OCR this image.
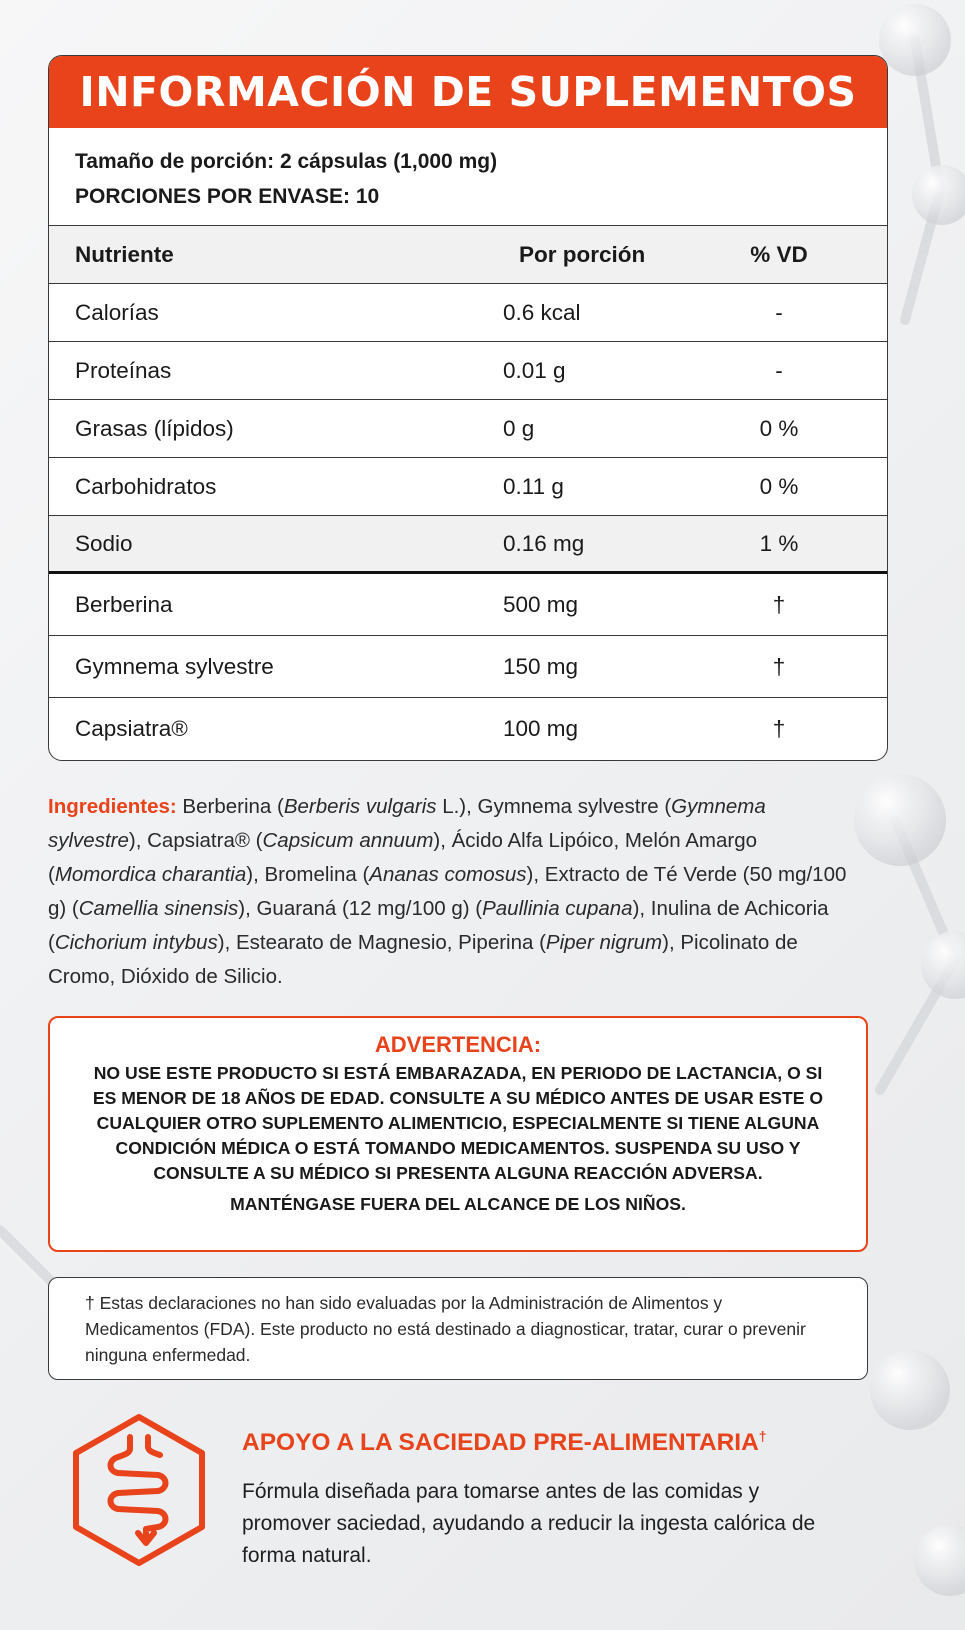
INFORMACIÓN DE SUPLEMENTOS
Tamaño de porción: 2 cápsulas (1,000 mg)
PORCIONES POR ENVASE: 10
Nutriente	Por porción	% VD
Calorías	0.6 kcal	-
Proteínas	0.01 g	-
Grasas (lípidos)	0 g	0 %
Carbohidratos	0.11 g	0 %
Sodio	0.16 mg	1 %
Berberina	500 mg	†
Gymnema sylvestre	150 mg	†
Capsiatra®	100 mg	†
Ingredientes: Berberina (Berberis vulgaris L.), Gymnema sylvestre (Gymnema sylvestre), Capsiatra® (Capsicum annuum), Ácido Alfa Lipóico, Melón Amargo (Momordica charantia), Bromelina (Ananas comosus), Extracto de Té Verde (50 mg/100 g) (Camellia sinensis), Guaraná (12 mg/100 g) (Paullinia cupana), Inulina de Achicoria (Cichorium intybus), Estearato de Magnesio, Piperina (Piper nigrum), Picolinato de Cromo, Dióxido de Silicio.
ADVERTENCIA:
NO USE ESTE PRODUCTO SI ESTÁ EMBARAZADA, EN PERIODO DE LACTANCIA, O SI ES MENOR DE 18 AÑOS DE EDAD. CONSULTE A SU MÉDICO ANTES DE USAR ESTE O CUALQUIER OTRO SUPLEMENTO ALIMENTICIO, ESPECIALMENTE SI TIENE ALGUNA CONDICIÓN MÉDICA O ESTÁ TOMANDO MEDICAMENTOS. SUSPENDA SU USO Y CONSULTE A SU MÉDICO SI PRESENTA ALGUNA REACCIÓN ADVERSA.
MANTÉNGASE FUERA DEL ALCANCE DE LOS NIÑOS.
† Estas declaraciones no han sido evaluadas por la Administración de Alimentos y Medicamentos (FDA). Este producto no está destinado a diagnosticar, tratar, curar o prevenir ninguna enfermedad.
APOYO A LA SACIEDAD PRE-ALIMENTARIA†
Fórmula diseñada para tomarse antes de las comidas y promover saciedad, ayudando a reducir la ingesta calórica de forma natural.
